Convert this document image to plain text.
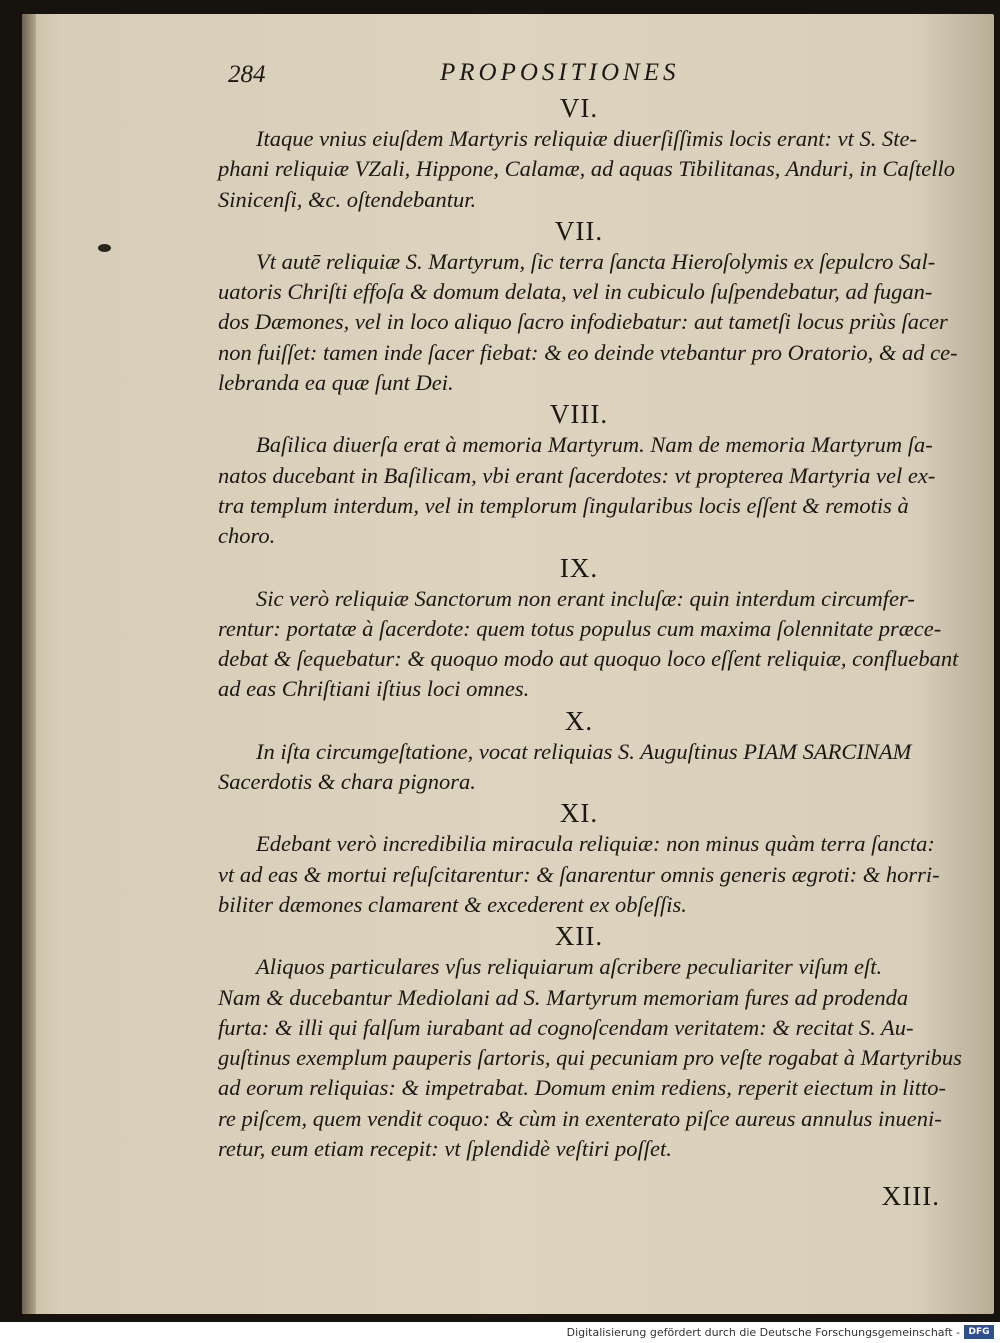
284	PROPOSITIONES

VI.

Itaque vnius eiuſdem Martyris reliquiæ diuerſiſſimis locis erant: vt S. Ste-
phani reliquiæ VZali, Hippone, Calamæ, ad aquas Tibilitanas, Anduri, in Caſtello
Sinicenſi, &c. oſtendebantur.

VII.

Vt autē reliquiæ S. Martyrum, ſic terra ſancta Hieroſolymis ex ſepulcro Sal-
uatoris Chriſti effoſa & domum delata, vel in cubiculo ſuſpendebatur, ad fugan-
dos Dæmones, vel in loco aliquo ſacro infodiebatur: aut tametſi locus priùs ſacer
non fuiſſet: tamen inde ſacer fiebat: & eo deinde vtebantur pro Oratorio, & ad ce-
lebranda ea quæ ſunt Dei.

VIII.

Baſilica diuerſa erat à memoria Martyrum. Nam de memoria Martyrum ſa-
natos ducebant in Baſilicam, vbi erant ſacerdotes: vt propterea Martyria vel ex-
tra templum interdum, vel in templorum ſingularibus locis eſſent & remotis à
choro.

IX.

Sic verò reliquiæ Sanctorum non erant incluſæ: quin interdum circumfer-
rentur: portatæ à ſacerdote: quem totus populus cum maxima ſolennitate præce-
debat & ſequebatur: & quoquo modo aut quoquo loco eſſent reliquiæ, confluebant
ad eas Chriſtiani iſtius loci omnes.

X.

In iſta circumgeſtatione, vocat reliquias S. Auguſtinus PIAM SARCINAM
Sacerdotis & chara pignora.

XI.

Edebant verò incredibilia miracula reliquiæ: non minus quàm terra ſancta:
vt ad eas & mortui reſuſcitarentur: & ſanarentur omnis generis ægroti: & horri-
biliter dæmones clamarent & excederent ex obſeſſis.

XII.

Aliquos particulares vſus reliquiarum aſcribere peculiariter viſum eſt.
Nam & ducebantur Mediolani ad S. Martyrum memoriam fures ad prodenda
furta: & illi qui falſum iurabant ad cognoſcendam veritatem: & recitat S. Au-
guſtinus exemplum pauperis ſartoris, qui pecuniam pro veſte rogabat à Martyribus
ad eorum reliquias: & impetrabat. Domum enim rediens, reperit eiectum in litto-
re piſcem, quem vendit coquo: & cùm in exenterato piſce aureus annulus inueni-
retur, eum etiam recepit: vt ſplendidè veſtiri poſſet.

XIII.
Digitalisierung gefördert durch die Deutsche Forschungsgemeinschaft - DFG
